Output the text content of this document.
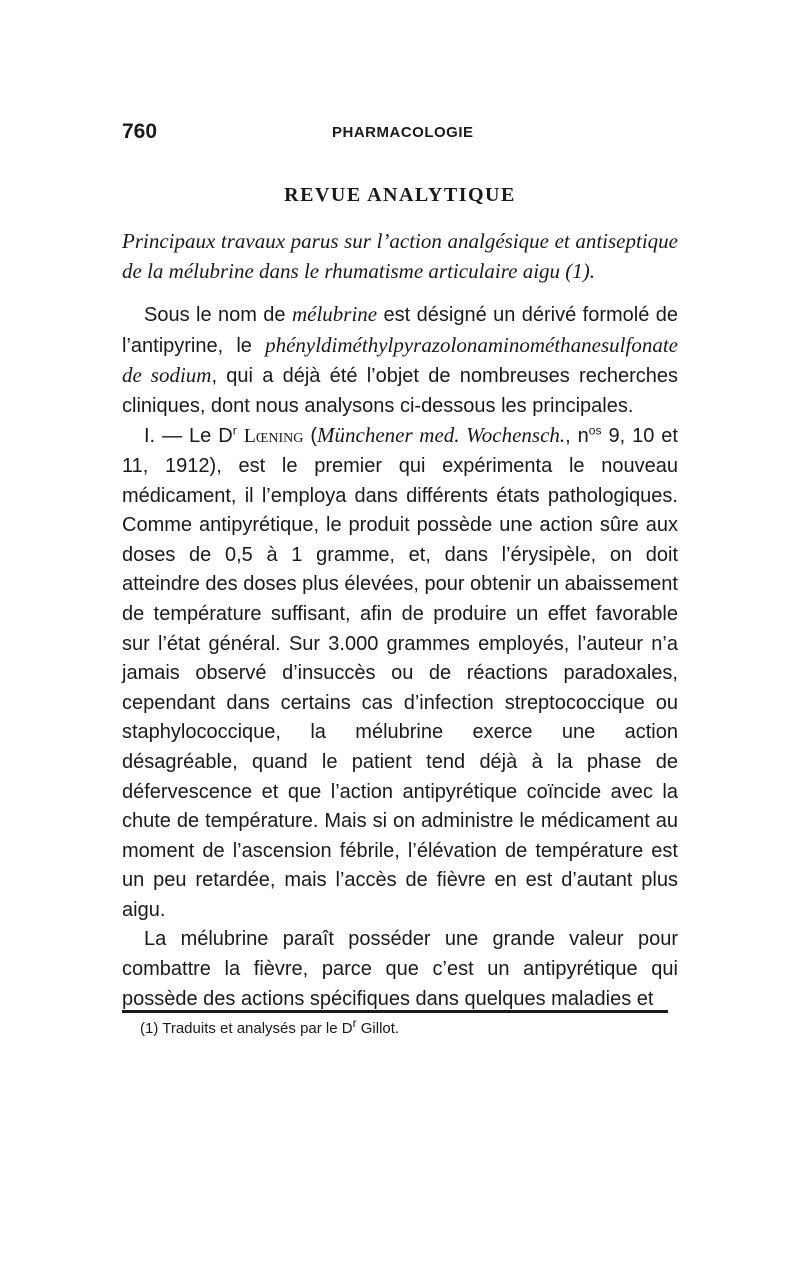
760	PHARMACOLOGIE
REVUE ANALYTIQUE

Principaux travaux parus sur l’action analgésique et antiseptique de la mélubrine dans le rhumatisme articulaire aigu (1).

Sous le nom de mélubrine est désigné un dérivé formolé de l’antipyrine, le phényldiméthylpyrazolonaminométhanesulfonate de sodium, qui a déjà été l’objet de nombreuses recherches cliniques, dont nous analysons ci-dessous les principales.

I. — Le $D^r$ Lœning (Münchener med. Wochensch., $n^{os}$ 9, 10 et 11, 1912), est le premier qui expérimenta le nouveau médicament, il l’employa dans différents états pathologiques. Comme antipyrétique, le produit possède une action sûre aux doses de 0,5 à 1 gramme, et, dans l’érysipèle, on doit atteindre des doses plus élevées, pour obtenir un abaissement de température suffisant, afin de produire un effet favorable sur l’état général. Sur 3.000 grammes employés, l’auteur n’a jamais observé d’insuccès ou de réactions paradoxales, cependant dans certains cas d’infection streptococcique ou staphylococcique, la mélubrine exerce une action désagréable, quand le patient tend déjà à la phase de défervescence et que l’action antipyrétique coïncide avec la chute de température. Mais si on administre le médicament au moment de l’ascension fébrile, l’élévation de température est un peu retardée, mais l’accès de fièvre en est d’autant plus aigu.

La mélubrine paraît posséder une grande valeur pour combattre la fièvre, parce que c’est un antipyrétique qui possède des actions spécifiques dans quelques maladies et

(1) Traduits et analysés par le $D^r$ Gillot.
